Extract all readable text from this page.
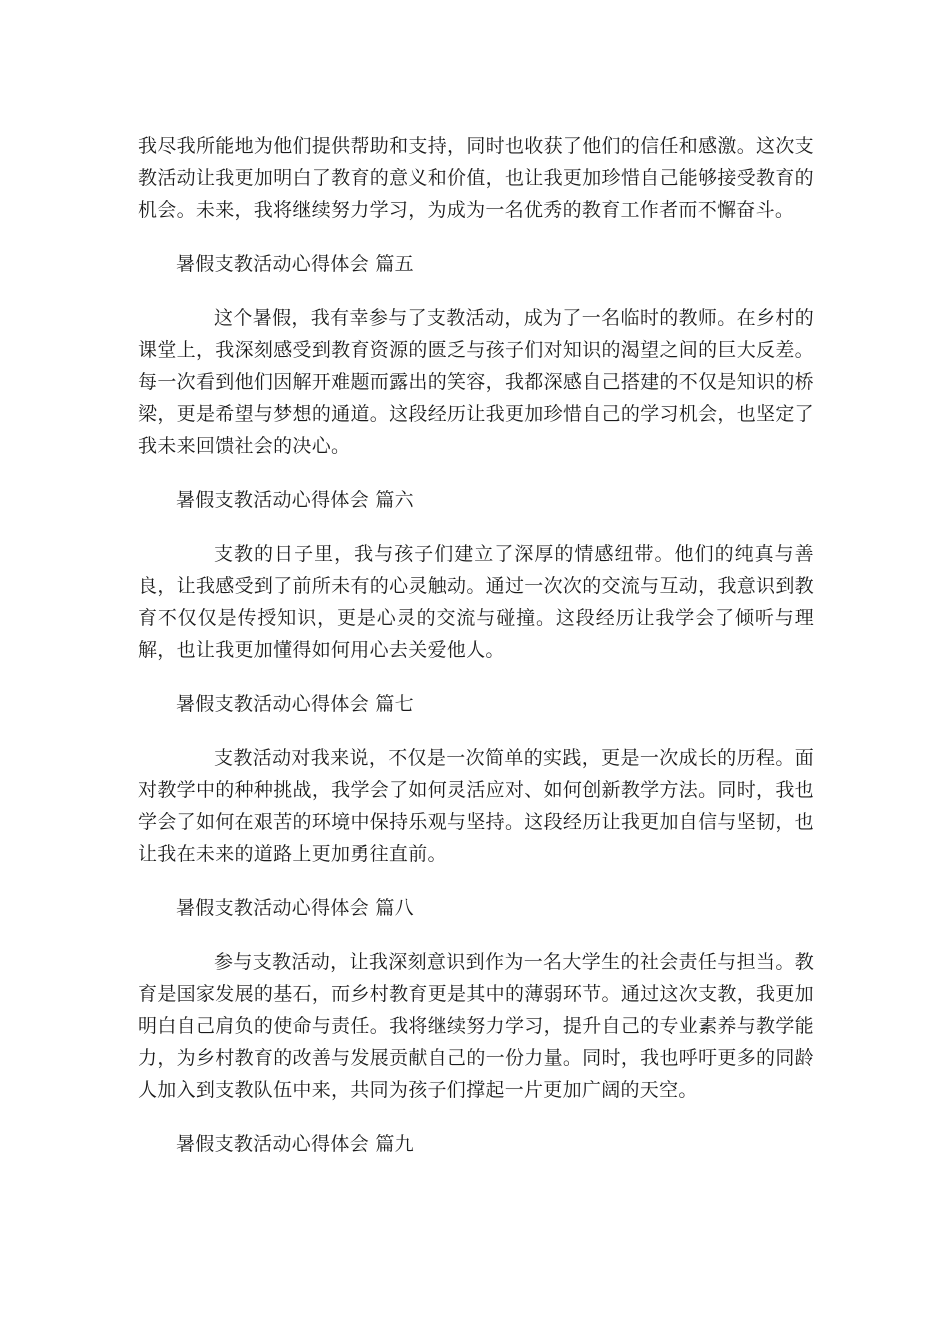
我尽我所能地为他们提供帮助和支持，同时也收获了他们的信任和感激。这次支教活动让我更加明白了教育的意义和价值，也让我更加珍惜自己能够接受教育的机会。未来，我将继续努力学习，为成为一名优秀的教育工作者而不懈奋斗。

暑假支教活动心得体会 篇五

这个暑假，我有幸参与了支教活动，成为了一名临时的教师。在乡村的课堂上，我深刻感受到教育资源的匮乏与孩子们对知识的渴望之间的巨大反差。每一次看到他们因解开难题而露出的笑容，我都深感自己搭建的不仅是知识的桥梁，更是希望与梦想的通道。这段经历让我更加珍惜自己的学习机会，也坚定了我未来回馈社会的决心。

暑假支教活动心得体会 篇六

支教的日子里，我与孩子们建立了深厚的情感纽带。他们的纯真与善良，让我感受到了前所未有的心灵触动。通过一次次的交流与互动，我意识到教育不仅仅是传授知识，更是心灵的交流与碰撞。这段经历让我学会了倾听与理解，也让我更加懂得如何用心去关爱他人。

暑假支教活动心得体会 篇七

支教活动对我来说，不仅是一次简单的实践，更是一次成长的历程。面对教学中的种种挑战，我学会了如何灵活应对、如何创新教学方法。同时，我也学会了如何在艰苦的环境中保持乐观与坚持。这段经历让我更加自信与坚韧，也让我在未来的道路上更加勇往直前。

暑假支教活动心得体会 篇八

参与支教活动，让我深刻意识到作为一名大学生的社会责任与担当。教育是国家发展的基石，而乡村教育更是其中的薄弱环节。通过这次支教，我更加明白自己肩负的使命与责任。我将继续努力学习，提升自己的专业素养与教学能力，为乡村教育的改善与发展贡献自己的一份力量。同时，我也呼吁更多的同龄人加入到支教队伍中来，共同为孩子们撑起一片更加广阔的天空。

暑假支教活动心得体会 篇九
